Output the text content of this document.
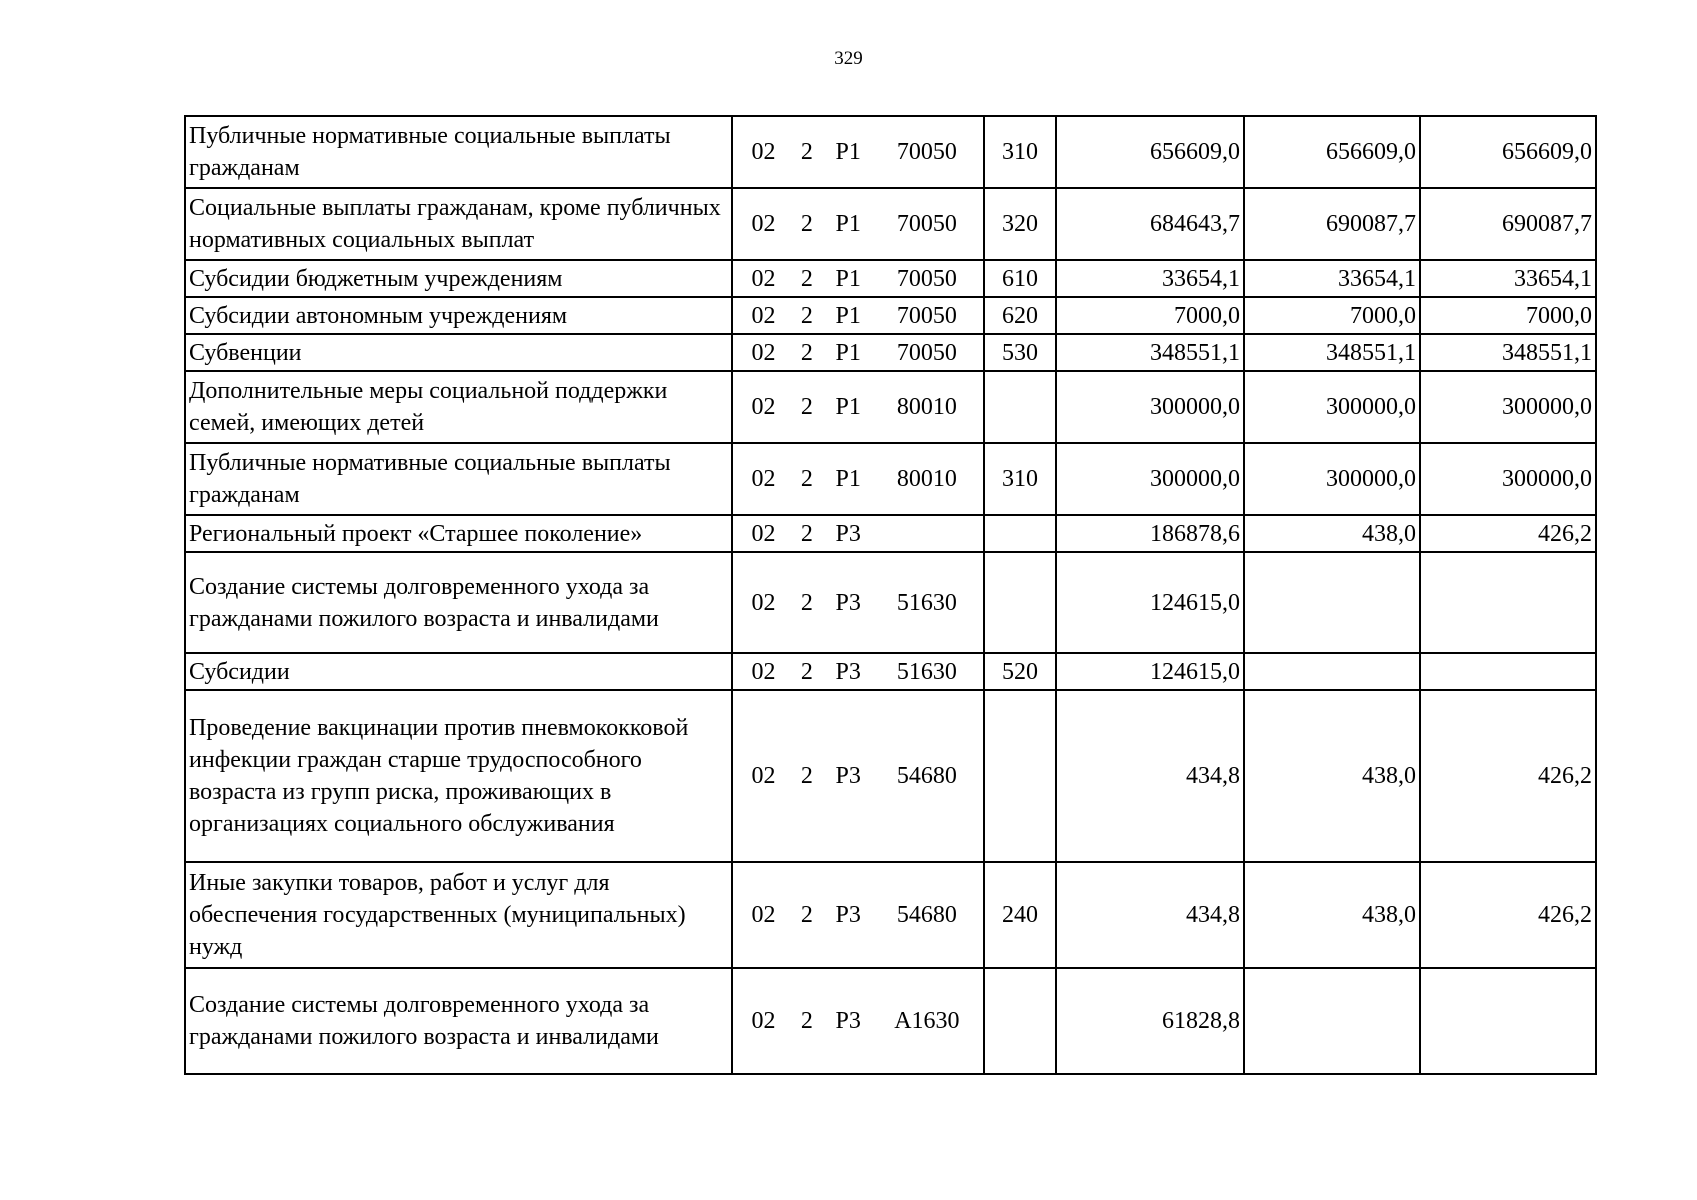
329
Публичные нормативные социальные выплаты гражданам	02 2 P1 70050	310	656609,0	656609,0	656609,0
Социальные выплаты гражданам, кроме публичных нормативных социальных выплат	02 2 P1 70050	320	684643,7	690087,7	690087,7
Субсидии бюджетным учреждениям	02 2 P1 70050	610	33654,1	33654,1	33654,1
Субсидии автономным учреждениям	02 2 P1 70050	620	7000,0	7000,0	7000,0
Субвенции	02 2 P1 70050	530	348551,1	348551,1	348551,1
Дополнительные меры социальной поддержки семей, имеющих детей	02 2 P1 80010		300000,0	300000,0	300000,0
Публичные нормативные социальные выплаты гражданам	02 2 P1 80010	310	300000,0	300000,0	300000,0
Региональный проект «Старшее поколение»	02 2 P3		186878,6	438,0	426,2
Создание системы долговременного ухода за гражданами пожилого возраста и инвалидами	02 2 P3 51630		124615,0		
Субсидии	02 2 P3 51630	520	124615,0		
Проведение вакцинации против пневмококковой инфекции граждан старше трудоспособного возраста из групп риска, проживающих в организациях социального обслуживания	02 2 P3 54680		434,8	438,0	426,2
Иные закупки товаров, работ и услуг для обеспечения государственных (муниципальных) нужд	02 2 P3 54680	240	434,8	438,0	426,2
Создание системы долговременного ухода за гражданами пожилого возраста и инвалидами	02 2 P3 A1630		61828,8		
